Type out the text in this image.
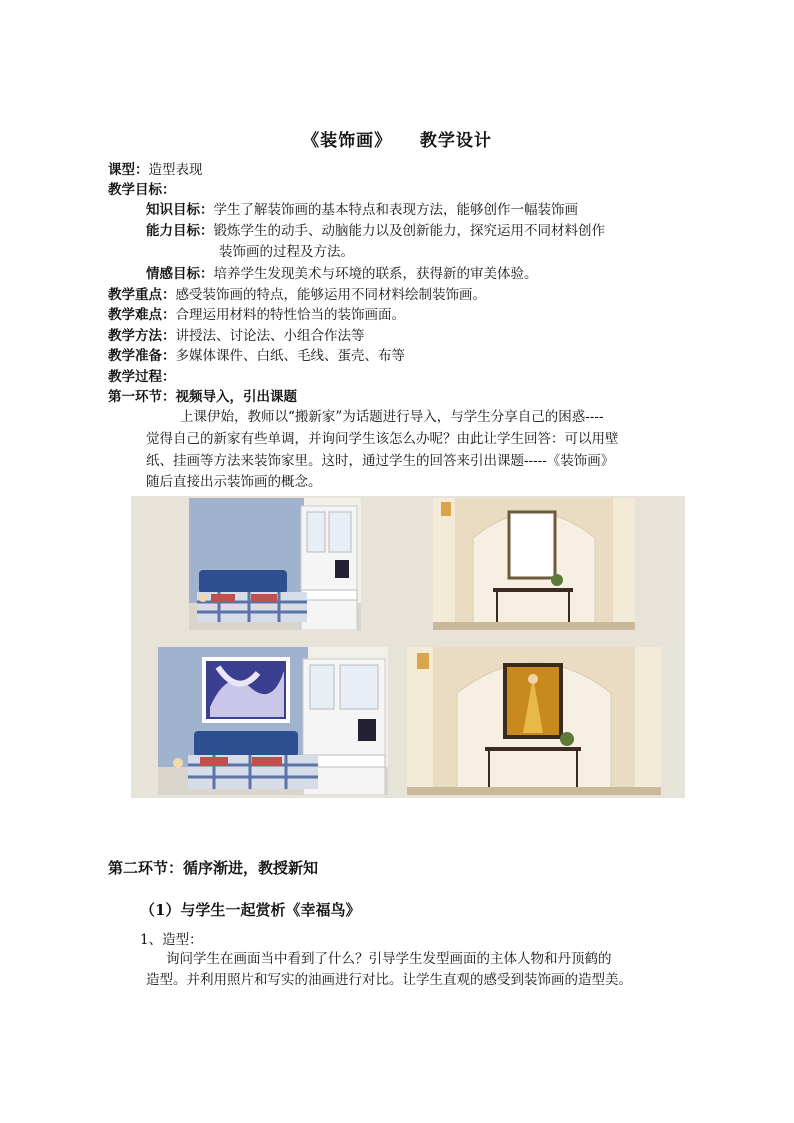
《装饰画》    教学设计
课型：造型表现
教学目标：
知识目标：学生了解装饰画的基本特点和表现方法，能够创作一幅装饰画
能力目标：锻炼学生的动手、动脑能力以及创新能力，探究运用不同材料创作
装饰画的过程及方法。
情感目标：培养学生发现美术与环境的联系，获得新的审美体验。
教学重点：感受装饰画的特点，能够运用不同材料绘制装饰画。
教学难点：合理运用材料的特性恰当的装饰画面。
教学方法：讲授法、讨论法、小组合作法等
教学准备：多媒体课件、白纸、毛线、蛋壳、布等
教学过程：
第一环节：视频导入，引出课题
上课伊始，教师以“搬新家”为话题进行导入，与学生分享自己的困惑----
觉得自己的新家有些单调，并询问学生该怎么办呢？由此让学生回答：可以用壁
纸、挂画等方法来装饰家里。这时，通过学生的回答来引出课题-----《装饰画》
随后直接出示装饰画的概念。
第二环节：循序渐进，教授新知
（1）与学生一起赏析《幸福鸟》
1、造型：
询问学生在画面当中看到了什么？引导学生发型画面的主体人物和丹顶鹤的
造型。并利用照片和写实的油画进行对比。让学生直观的感受到装饰画的造型美。
